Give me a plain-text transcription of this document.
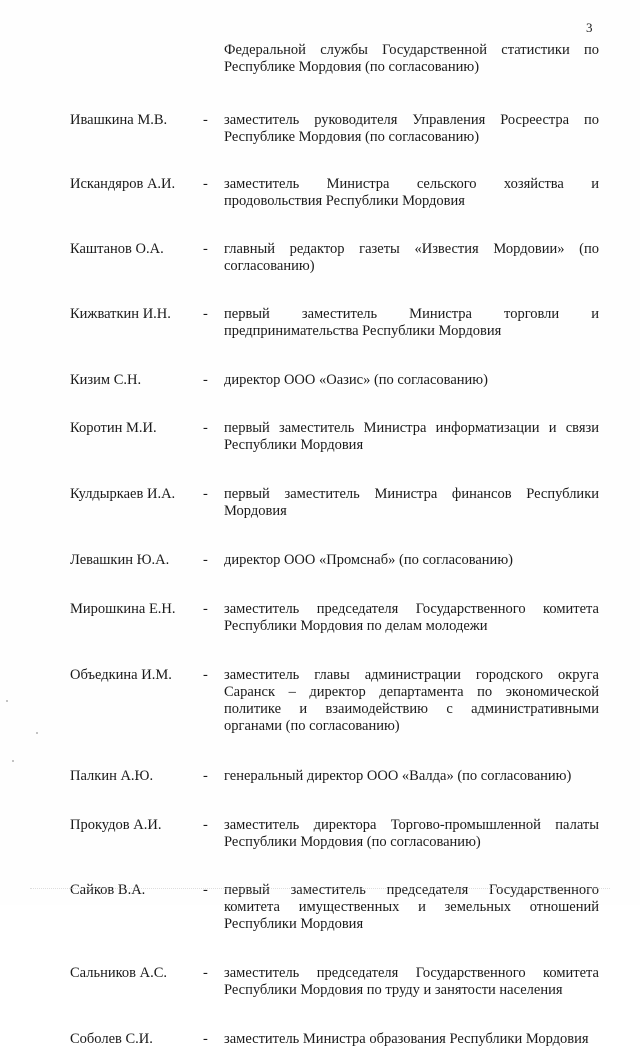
3
Федеральной службы Государственной статистики по Республике Мордовия (по согласованию)
Ивашкина М.В.	- заместитель руководителя Управления Росреестра по Республике Мордовия (по согласованию)
Искандяров А.И.	- заместитель Министра сельского хозяйства и продовольствия Республики Мордовия
Каштанов О.А.	- главный редактор газеты «Известия Мордовии» (по согласованию)
Кижваткин И.Н.	- первый заместитель Министра торговли и предпринимательства Республики Мордовия
Кизим С.Н.	- директор ООО «Оазис» (по согласованию)
Коротин М.И.	- первый заместитель Министра информатизации и связи Республики Мордовия
Кулдыркаев И.А.	- первый заместитель Министра финансов Республики Мордовия
Левашкин Ю.А.	- директор ООО «Промснаб» (по согласованию)
Мирошкина Е.Н.	- заместитель председателя Государственного комитета Республики Мордовия по делам молодежи
Объедкина И.М.	- заместитель главы администрации городского округа Саранск – директор департамента по экономической политике и взаимодействию с административными органами (по согласованию)
Палкин А.Ю.	- генеральный директор ООО «Валда» (по согласованию)
Прокудов А.И.	- заместитель директора Торгово-промышленной палаты Республики Мордовия (по согласованию)
Сайков В.А.	- первый заместитель председателя Государственного комитета имущественных и земельных отношений Республики Мордовия
Сальников А.С.	- заместитель председателя Государственного комитета Республики Мордовия по труду и занятости населения
Соболев С.И.	- заместитель Министра образования Республики Мордовия
